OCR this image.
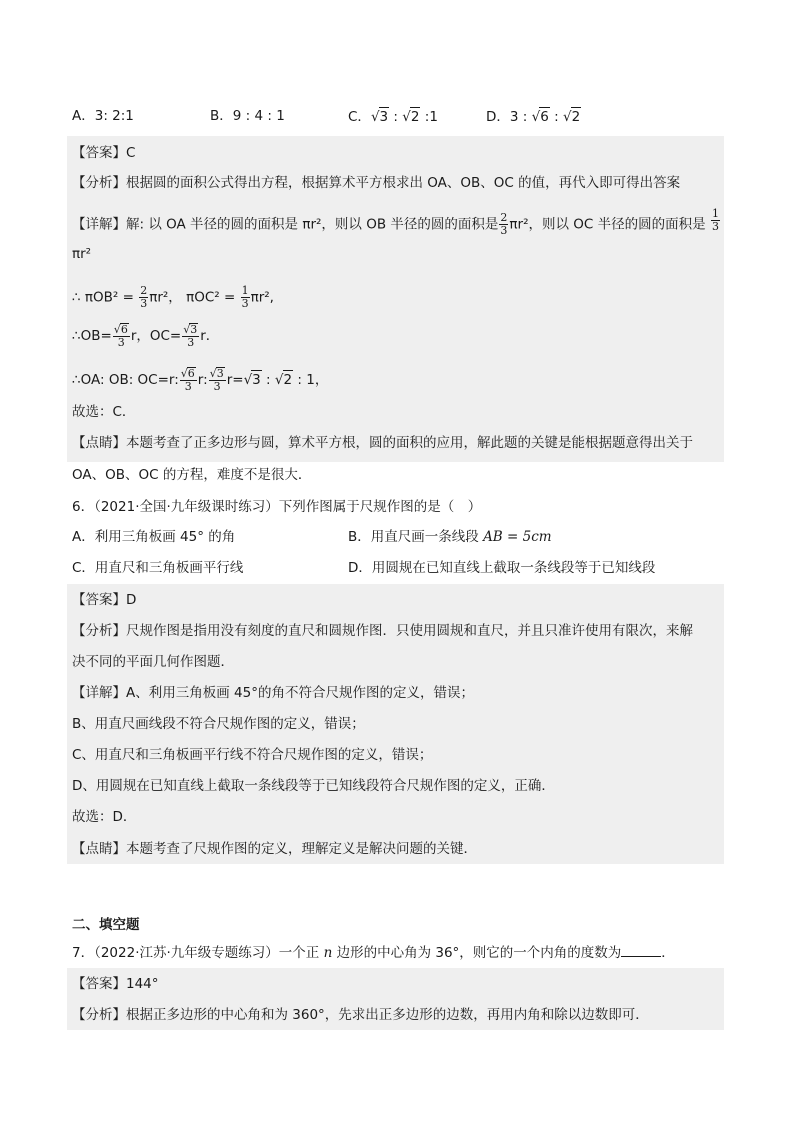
A．3: 2:1	B．9 : 4 : 1	C．√3 : √2 :1	D．3 : √6 : √2
【答案】C
【分析】根据圆的面积公式得出方程，根据算术平方根求出 OA、OB、OC 的值，再代入即可得出答案
【详解】解: 以 OA 半径的圆的面积是 πr²，则以 OB 半径的圆的面积是 $\frac{2}{3} \pi r^2$，则以 OC 半径的圆的面积是 $\frac{1}{3}$
πr²
∴ $\pi OB^2 = \frac{2}{3} \pi r^2$， $\pi OC^2 = \frac{1}{3} \pi r^2$,
∴OB= $\frac{√6}{3}$ r，$OC= \frac{√3}{3}$ r．
∴OA: OB: OC=r: $\frac{√6}{3} r$: $\frac{√3}{3} r=√3$ : √2 : 1，
故选：C．
【点睛】本题考查了正多边形与圆，算术平方根，圆的面积的应用，解此题的关键是能根据题意得出关于
OA、OB、OC 的方程，难度不是很大．
6．（2021·全国·九年级课时练习）下列作图属于尺规作图的是（　）
A．利用三角板画 45° 的角	B．用直尺画一条线段 AB = 5cm
C．用直尺和三角板画平行线	D．用圆规在已知直线上截取一条线段等于已知线段
【答案】D
【分析】尺规作图是指用没有刻度的直尺和圆规作图．只使用圆规和直尺，并且只准许使用有限次，来解
决不同的平面几何作图题．
【详解】A、利用三角板画 45°的角不符合尺规作图的定义，错误；
B、用直尺画线段不符合尺规作图的定义，错误；
C、用直尺和三角板画平行线不符合尺规作图的定义，错误；
D、用圆规在已知直线上截取一条线段等于已知线段符合尺规作图的定义，正确．
故选：D．
【点睛】本题考查了尺规作图的定义，理解定义是解决问题的关键．
二、填空题
7．（2022·江苏·九年级专题练习）一个正 n 边形的中心角为 36°，则它的一个内角的度数为	．
【答案】144°
【分析】根据正多边形的中心角和为 360°，先求出正多边形的边数，再用内角和除以边数即可．
